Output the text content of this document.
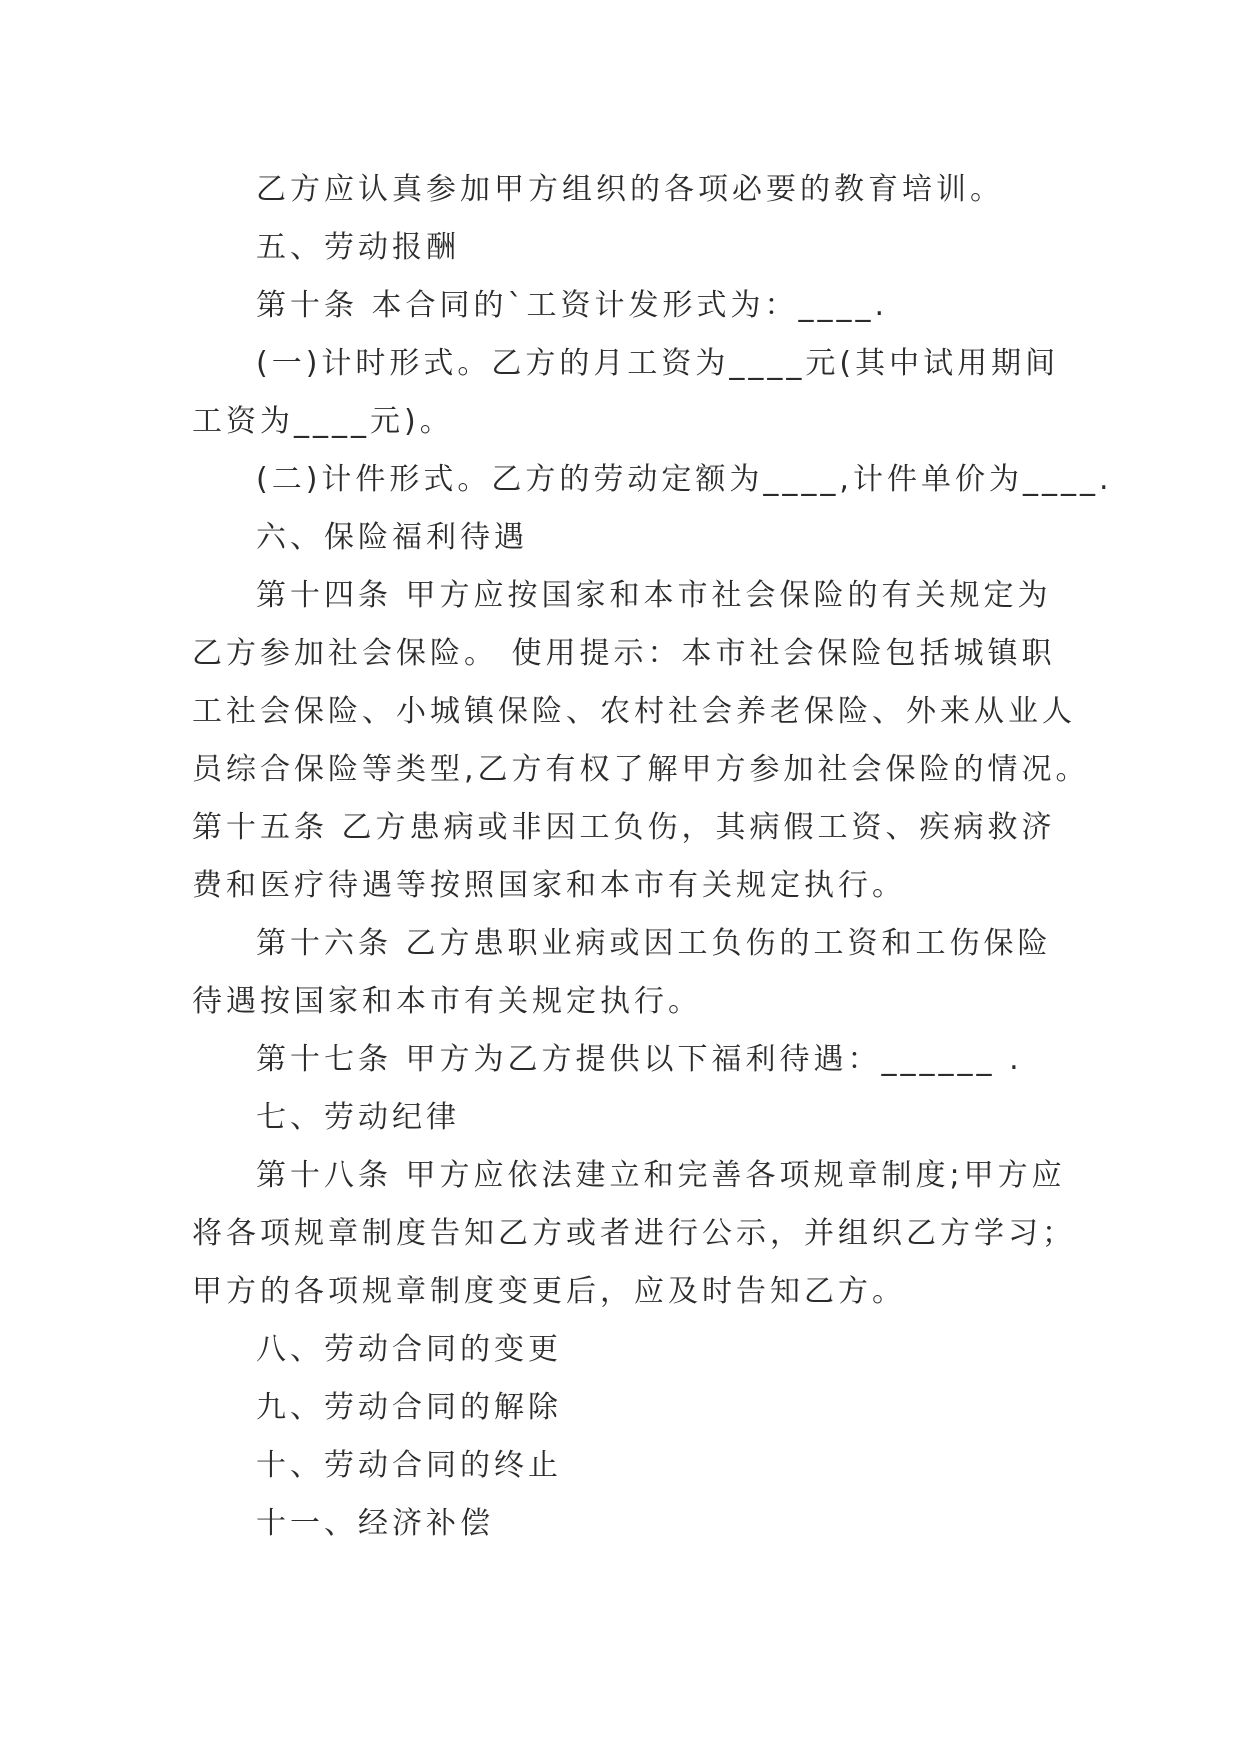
乙方应认真参加甲方组织的各项必要的教育培训。

五、劳动报酬

第十条 本合同的`工资计发形式为：____.

(一)计时形式。乙方的月工资为____元(其中试用期间

工资为____元)。

(二)计件形式。乙方的劳动定额为____,计件单价为____.

六、保险福利待遇

第十四条 甲方应按国家和本市社会保险的有关规定为

乙方参加社会保险。 使用提示：本市社会保险包括城镇职

工社会保险、小城镇保险、农村社会养老保险、外来从业人

员综合保险等类型,乙方有权了解甲方参加社会保险的情况。

第十五条 乙方患病或非因工负伤，其病假工资、疾病救济

费和医疗待遇等按照国家和本市有关规定执行。

第十六条 乙方患职业病或因工负伤的工资和工伤保险

待遇按国家和本市有关规定执行。

第十七条 甲方为乙方提供以下福利待遇：______ .

七、劳动纪律

第十八条 甲方应依法建立和完善各项规章制度;甲方应

将各项规章制度告知乙方或者进行公示，并组织乙方学习；

甲方的各项规章制度变更后，应及时告知乙方。

八、劳动合同的变更

九、劳动合同的解除

十、劳动合同的终止

十一、经济补偿
